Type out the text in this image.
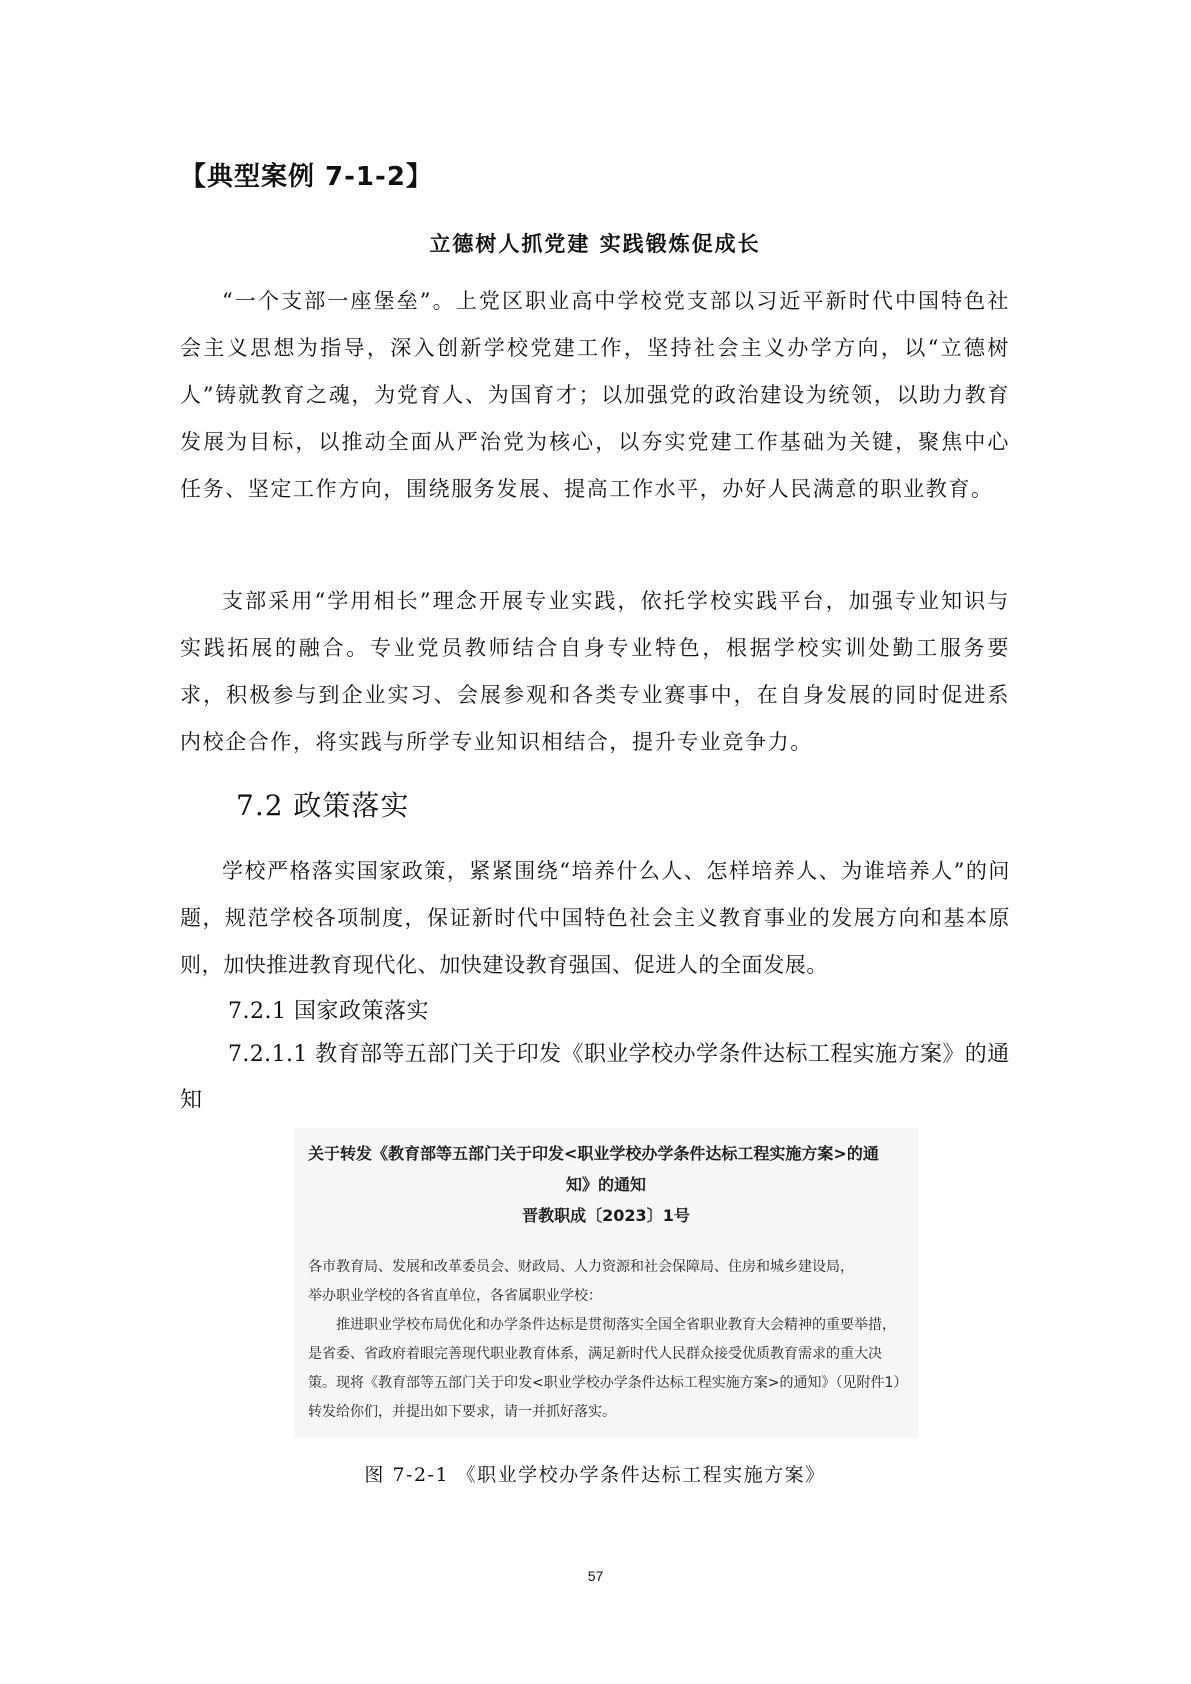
【典型案例 7-1-2】
立德树人抓党建 实践锻炼促成长

“一个支部一座堡垒”。上党区职业高中学校党支部以习近平新时代中国特色社会主义思想为指导，深入创新学校党建工作，坚持社会主义办学方向，以“立德树人”铸就教育之魂，为党育人、为国育才；以加强党的政治建设为统领，以助力教育发展为目标，以推动全面从严治党为核心，以夯实党建工作基础为关键，聚焦中心任务、坚定工作方向，围绕服务发展、提高工作水平，办好人民满意的职业教育。

支部采用“学用相长”理念开展专业实践，依托学校实践平台，加强专业知识与实践拓展的融合。专业党员教师结合自身专业特色，根据学校实训处勤工服务要求，积极参与到企业实习、会展参观和各类专业赛事中，在自身发展的同时促进系内校企合作，将实践与所学专业知识相结合，提升专业竞争力。

7.2 政策落实

学校严格落实国家政策，紧紧围绕“培养什么人、怎样培养人、为谁培养人”的问题，规范学校各项制度，保证新时代中国特色社会主义教育事业的发展方向和基本原则，加快推进教育现代化、加快建设教育强国、促进人的全面发展。

7.2.1 国家政策落实

7.2.1.1 教育部等五部门关于印发《职业学校办学条件达标工程实施方案》的通知

关于转发《教育部等五部门关于印发<职业学校办学条件达标工程实施方案>的通
知》的通知
晋教职成〔2023〕1号

各市教育局、发展和改革委员会、财政局、人力资源和社会保障局、住房和城乡建设局，

举办职业学校的各省直单位，各省属职业学校：

推进职业学校布局优化和办学条件达标是贯彻落实全国全省职业教育大会精神的重要举措，是省委、省政府着眼完善现代职业教育体系，满足新时代人民群众接受优质教育需求的重大决策。现将《教育部等五部门关于印发<职业学校办学条件达标工程实施方案>的通知》（见附件1）转发给你们，并提出如下要求，请一并抓好落实。

图 7-2-1 《职业学校办学条件达标工程实施方案》
57
